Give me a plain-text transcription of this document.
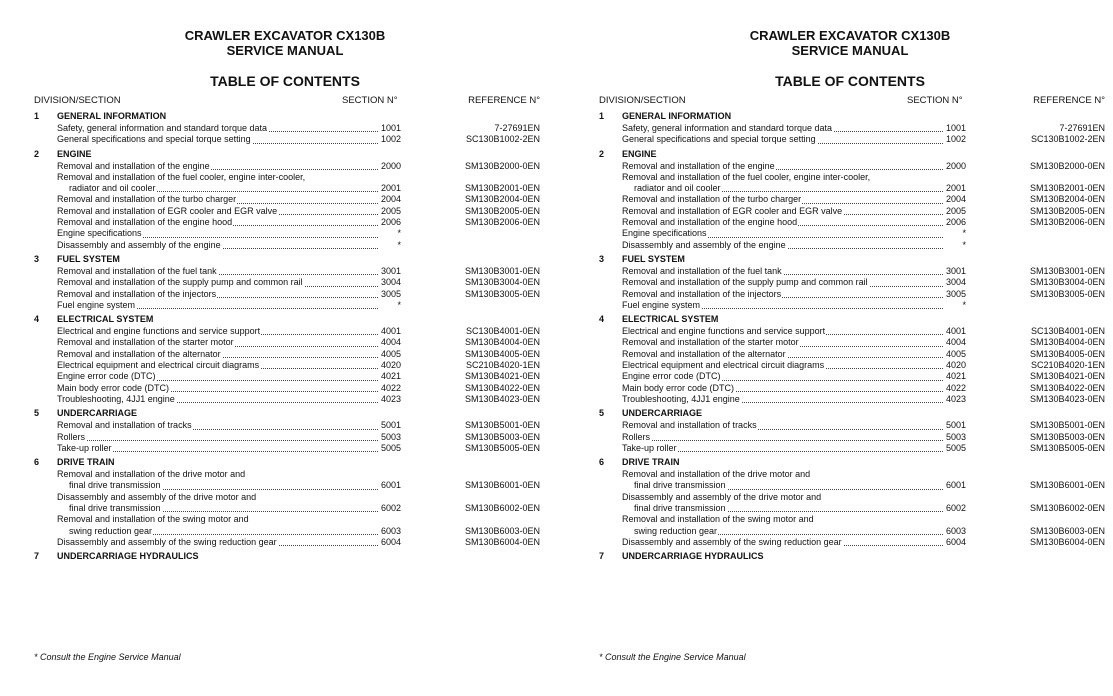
CRAWLER EXCAVATOR CX130B
SERVICE MANUAL
TABLE OF CONTENTS
DIVISION/SECTION	SECTION N°	REFERENCE N°
1 GENERAL INFORMATION
Safety, general information and standard torque data	1001	7-27691EN
General specifications and special torque setting	1002	SC130B1002-2EN
2 ENGINE
Removal and installation of the engine	2000	SM130B2000-0EN
Removal and installation of the fuel cooler, engine inter-cooler,
radiator and oil cooler	2001	SM130B2001-0EN
Removal and installation of the turbo charger	2004	SM130B2004-0EN
Removal and installation of EGR cooler and EGR valve	2005	SM130B2005-0EN
Removal and installation of the engine hood	2006	SM130B2006-0EN
Engine specifications	*
Disassembly and assembly of the engine	*
3 FUEL SYSTEM
Removal and installation of the fuel tank	3001	SM130B3001-0EN
Removal and installation of the supply pump and common rail	3004	SM130B3004-0EN
Removal and installation of the injectors	3005	SM130B3005-0EN
Fuel engine system	*
4 ELECTRICAL SYSTEM
Electrical and engine functions and service support	4001	SC130B4001-0EN
Removal and installation of the starter motor	4004	SM130B4004-0EN
Removal and installation of the alternator	4005	SM130B4005-0EN
Electrical equipment and electrical circuit diagrams	4020	SC210B4020-1EN
Engine error code (DTC)	4021	SM130B4021-0EN
Main body error code (DTC)	4022	SM130B4022-0EN
Troubleshooting, 4JJ1 engine	4023	SM130B4023-0EN
5 UNDERCARRIAGE
Removal and installation of tracks	5001	SM130B5001-0EN
Rollers	5003	SM130B5003-0EN
Take-up roller	5005	SM130B5005-0EN
6 DRIVE TRAIN
Removal and installation of the drive motor and
final drive transmission	6001	SM130B6001-0EN
Disassembly and assembly of the drive motor and
final drive transmission	6002	SM130B6002-0EN
Removal and installation of the swing motor and
swing reduction gear	6003	SM130B6003-0EN
Disassembly and assembly of the swing reduction gear	6004	SM130B6004-0EN
7 UNDERCARRIAGE HYDRAULICS
* Consult the Engine Service Manual
CRAWLER EXCAVATOR CX130B
SERVICE MANUAL
TABLE OF CONTENTS
DIVISION/SECTION	SECTION N°	REFERENCE N°
1 GENERAL INFORMATION
Safety, general information and standard torque data	1001	7-27691EN
General specifications and special torque setting	1002	SC130B1002-2EN
2 ENGINE
Removal and installation of the engine	2000	SM130B2000-0EN
Removal and installation of the fuel cooler, engine inter-cooler,
radiator and oil cooler	2001	SM130B2001-0EN
Removal and installation of the turbo charger	2004	SM130B2004-0EN
Removal and installation of EGR cooler and EGR valve	2005	SM130B2005-0EN
Removal and installation of the engine hood	2006	SM130B2006-0EN
Engine specifications	*
Disassembly and assembly of the engine	*
3 FUEL SYSTEM
Removal and installation of the fuel tank	3001	SM130B3001-0EN
Removal and installation of the supply pump and common rail	3004	SM130B3004-0EN
Removal and installation of the injectors	3005	SM130B3005-0EN
Fuel engine system	*
4 ELECTRICAL SYSTEM
Electrical and engine functions and service support	4001	SC130B4001-0EN
Removal and installation of the starter motor	4004	SM130B4004-0EN
Removal and installation of the alternator	4005	SM130B4005-0EN
Electrical equipment and electrical circuit diagrams	4020	SC210B4020-1EN
Engine error code (DTC)	4021	SM130B4021-0EN
Main body error code (DTC)	4022	SM130B4022-0EN
Troubleshooting, 4JJ1 engine	4023	SM130B4023-0EN
5 UNDERCARRIAGE
Removal and installation of tracks	5001	SM130B5001-0EN
Rollers	5003	SM130B5003-0EN
Take-up roller	5005	SM130B5005-0EN
6 DRIVE TRAIN
Removal and installation of the drive motor and
final drive transmission	6001	SM130B6001-0EN
Disassembly and assembly of the drive motor and
final drive transmission	6002	SM130B6002-0EN
Removal and installation of the swing motor and
swing reduction gear	6003	SM130B6003-0EN
Disassembly and assembly of the swing reduction gear	6004	SM130B6004-0EN
7 UNDERCARRIAGE HYDRAULICS
* Consult the Engine Service Manual
